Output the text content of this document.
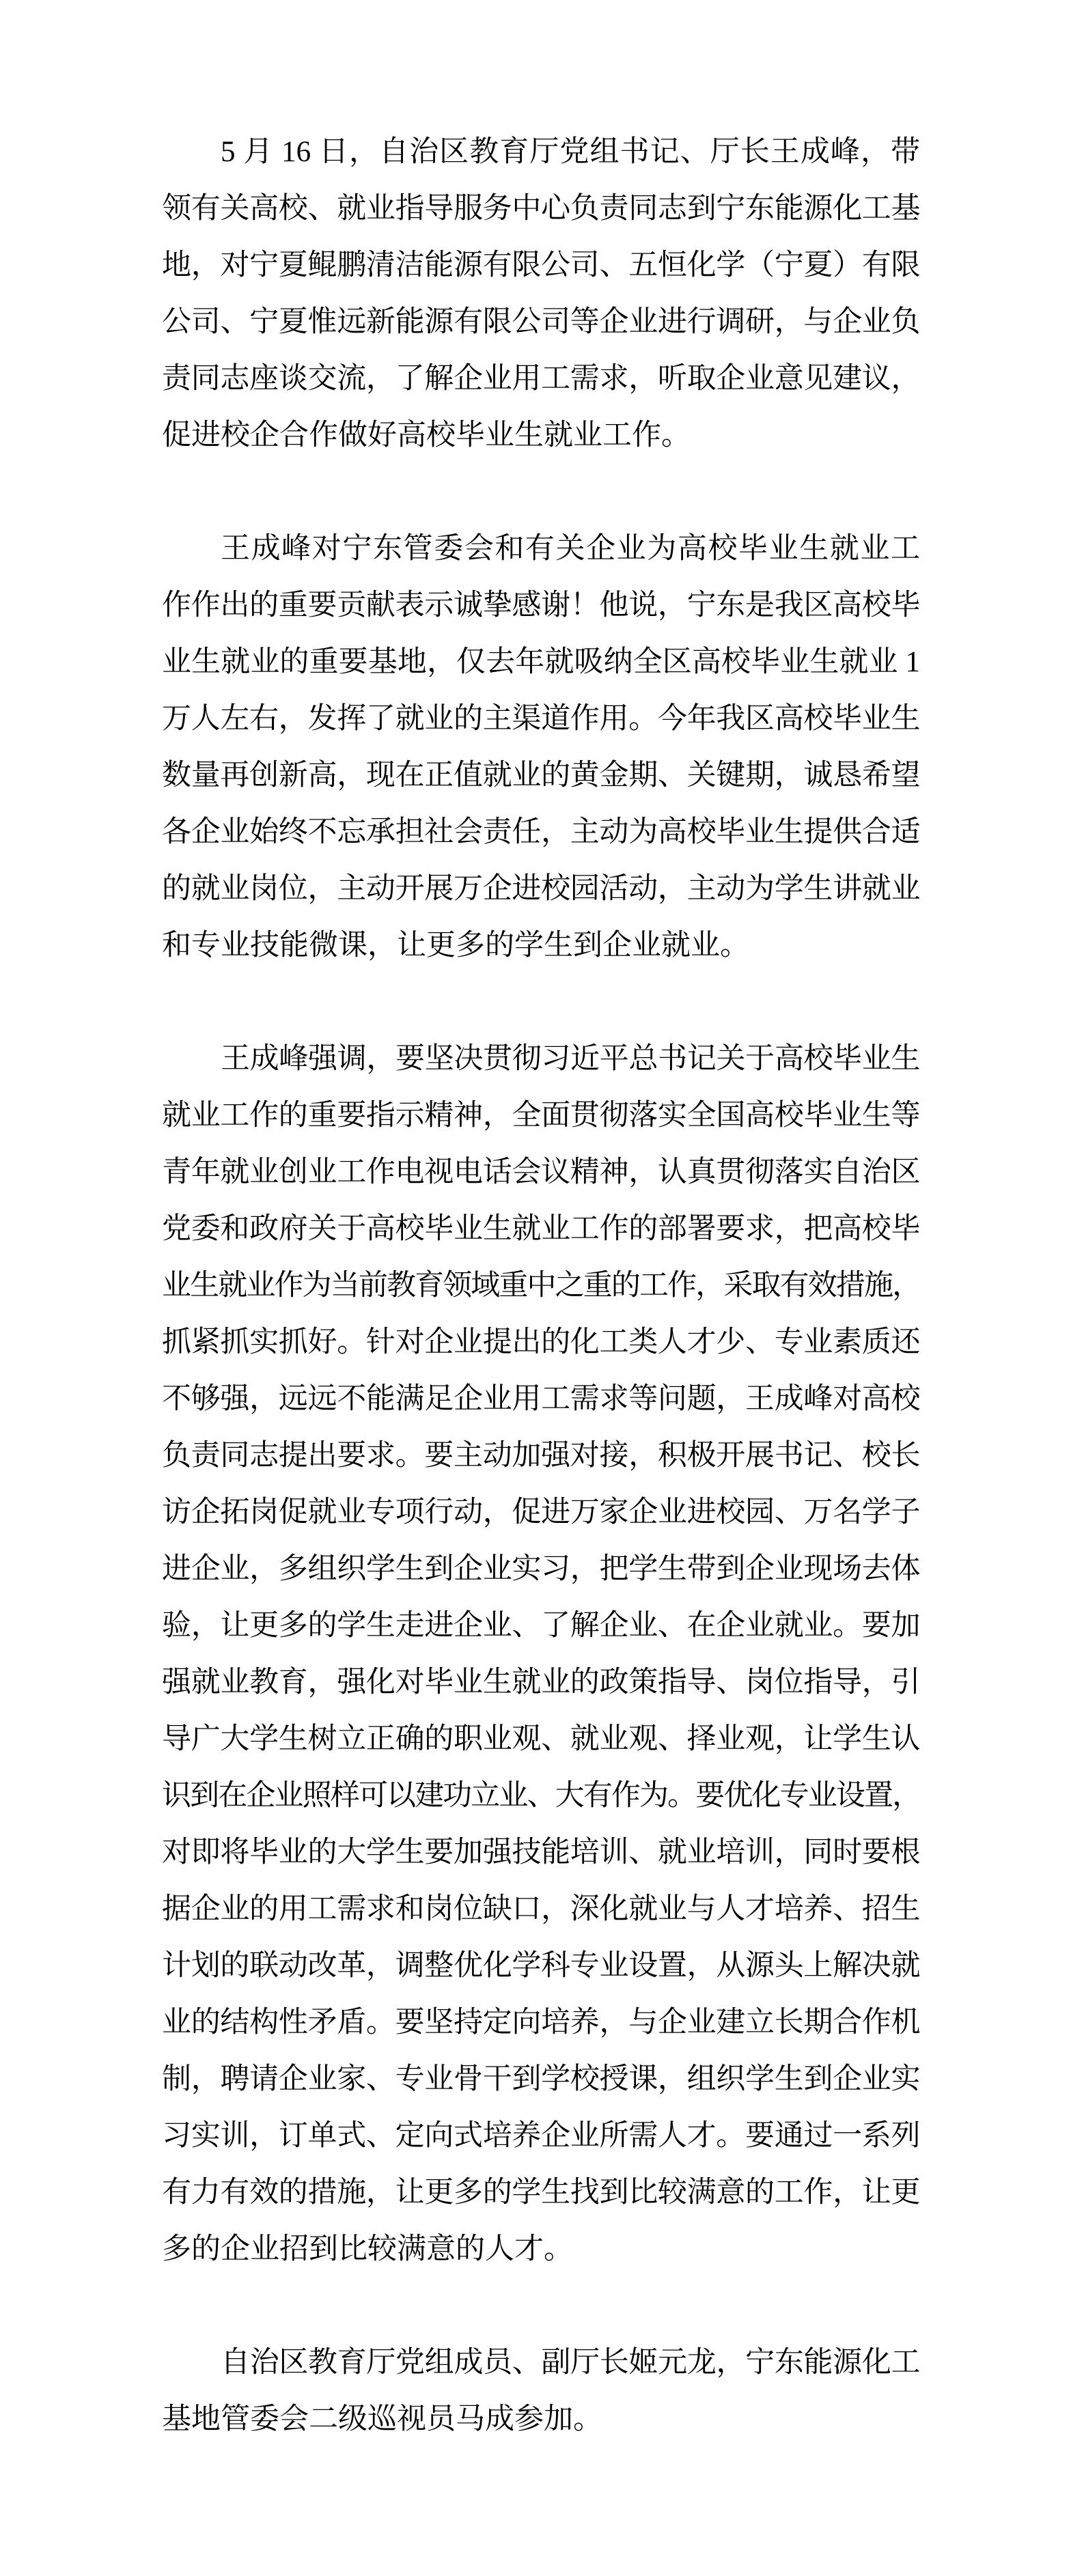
5 月 16 日，自治区教育厅党组书记、厅长王成峰，带
领有关高校、就业指导服务中心负责同志到宁东能源化工基
地，对宁夏鲲鹏清洁能源有限公司、五恒化学（宁夏）有限
公司、宁夏惟远新能源有限公司等企业进行调研，与企业负
责同志座谈交流，了解企业用工需求，听取企业意见建议，
促进校企合作做好高校毕业生就业工作。
王成峰对宁东管委会和有关企业为高校毕业生就业工
作作出的重要贡献表示诚挚感谢！他说，宁东是我区高校毕
业生就业的重要基地，仅去年就吸纳全区高校毕业生就业 1
万人左右，发挥了就业的主渠道作用。今年我区高校毕业生
数量再创新高，现在正值就业的黄金期、关键期，诚恳希望
各企业始终不忘承担社会责任，主动为高校毕业生提供合适
的就业岗位，主动开展万企进校园活动，主动为学生讲就业
和专业技能微课，让更多的学生到企业就业。
王成峰强调，要坚决贯彻习近平总书记关于高校毕业生
就业工作的重要指示精神，全面贯彻落实全国高校毕业生等
青年就业创业工作电视电话会议精神，认真贯彻落实自治区
党委和政府关于高校毕业生就业工作的部署要求，把高校毕
业生就业作为当前教育领域重中之重的工作，采取有效措施，
抓紧抓实抓好。针对企业提出的化工类人才少、专业素质还
不够强，远远不能满足企业用工需求等问题，王成峰对高校
负责同志提出要求。要主动加强对接，积极开展书记、校长
访企拓岗促就业专项行动，促进万家企业进校园、万名学子
进企业，多组织学生到企业实习，把学生带到企业现场去体
验，让更多的学生走进企业、了解企业、在企业就业。要加
强就业教育，强化对毕业生就业的政策指导、岗位指导，引
导广大学生树立正确的职业观、就业观、择业观，让学生认
识到在企业照样可以建功立业、大有作为。要优化专业设置，
对即将毕业的大学生要加强技能培训、就业培训，同时要根
据企业的用工需求和岗位缺口，深化就业与人才培养、招生
计划的联动改革，调整优化学科专业设置，从源头上解决就
业的结构性矛盾。要坚持定向培养，与企业建立长期合作机
制，聘请企业家、专业骨干到学校授课，组织学生到企业实
习实训，订单式、定向式培养企业所需人才。要通过一系列
有力有效的措施，让更多的学生找到比较满意的工作，让更
多的企业招到比较满意的人才。
自治区教育厅党组成员、副厅长姬元龙，宁东能源化工
基地管委会二级巡视员马成参加。
